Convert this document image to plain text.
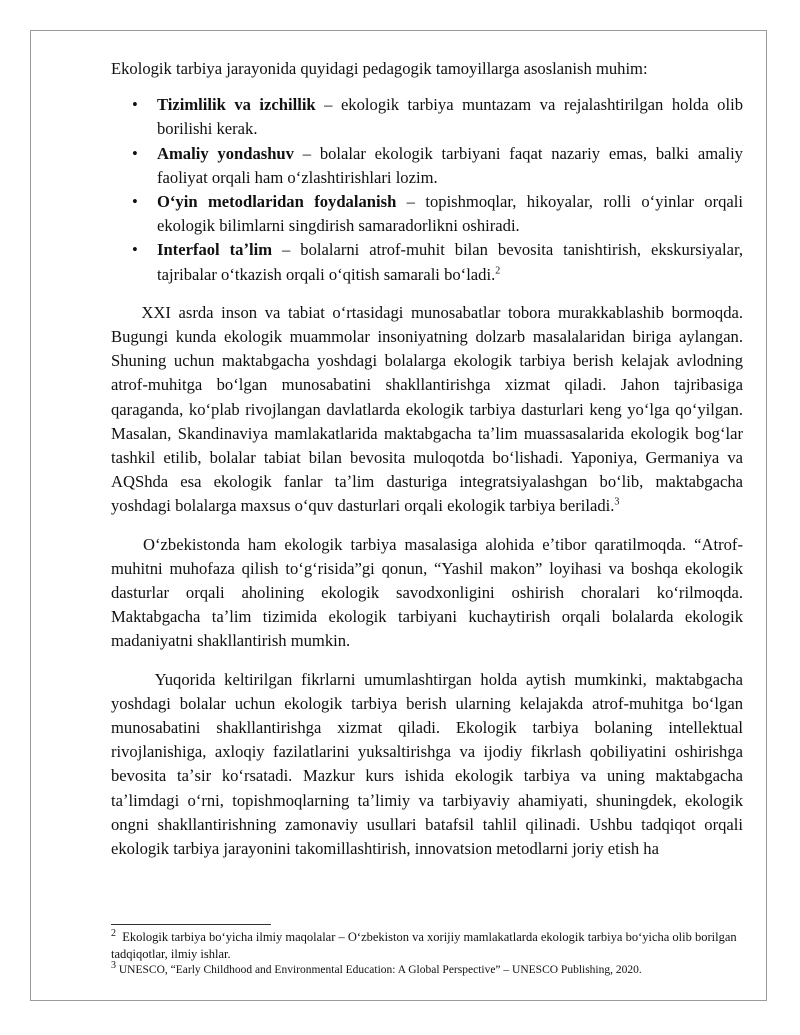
Ekologik tarbiya jarayonida quyidagi pedagogik tamoyillarga asoslanish muhim:

• Tizimlilik va izchillik – ekologik tarbiya muntazam va rejalashtirilgan holda olib borilishi kerak.
• Amaliy yondashuv – bolalar ekologik tarbiyani faqat nazariy emas, balki amaliy faoliyat orqali ham oʻzlashtirishlari lozim.
• Oʻyin metodlaridan foydalanish – topishmoqlar, hikoyalar, rolli oʻyinlar orqali ekologik bilimlarni singdirish samaradorlikni oshiradi.
• Interfaol taʼlim – bolalarni atrof-muhit bilan bevosita tanishtirish, ekskursiyalar, tajribalar oʻtkazish orqali oʻqitish samarali boʻladi.$^2$

XXI asrda inson va tabiat oʻrtasidagi munosabatlar tobora murakkablashib bormoqda. Bugungi kunda ekologik muammolar insoniyatning dolzarb masalalaridan biriga aylangan. Shuning uchun maktabgacha yoshdagi bolalarga ekologik tarbiya berish kelajak avlodning atrof-muhitga boʻlgan munosabatini shakllantirishga xizmat qiladi. Jahon tajribasiga qaraganda, koʻplab rivojlangan davlatlarda ekologik tarbiya dasturlari keng yoʻlga qoʻyilgan. Masalan, Skandinaviya mamlakatlarida maktabgacha taʼlim muassasalarida ekologik bogʻlar tashkil etilib, bolalar tabiat bilan bevosita muloqotda boʻlishadi. Yaponiya, Germaniya va AQShda esa ekologik fanlar taʼlim dasturiga integratsiyalashgan boʻlib, maktabgacha yoshdagi bolalarga maxsus oʻquv dasturlari orqali ekologik tarbiya beriladi.$^3$

Oʻzbekistonda ham ekologik tarbiya masalasiga alohida eʼtibor qaratilmoqda. “Atrof-muhitni muhofaza qilish toʻgʻrisida”gi qonun, “Yashil makon” loyihasi va boshqa ekologik dasturlar orqali aholining ekologik savodxonligini oshirish choralari koʻrilmoqda. Maktabgacha taʼlim tizimida ekologik tarbiyani kuchaytirish orqali bolalarda ekologik madaniyatni shakllantirish mumkin.

Yuqorida keltirilgan fikrlarni umumlashtirgan holda aytish mumkinki, maktabgacha yoshdagi bolalar uchun ekologik tarbiya berish ularning kelajakda atrof-muhitga boʻlgan munosabatini shakllantirishga xizmat qiladi. Ekologik tarbiya bolaning intellektual rivojlanishiga, axloqiy fazilatlarini yuksaltirishga va ijodiy fikrlash qobiliyatini oshirishga bevosita taʼsir koʻrsatadi. Mazkur kurs ishida ekologik tarbiya va uning maktabgacha taʼlimdagi oʻrni, topishmoqlarning taʼlimiy va tarbiyaviy ahamiyati, shuningdek, ekologik ongni shakllantirishning zamonaviy usullari batafsil tahlil qilinadi. Ushbu tadqiqot orqali ekologik tarbiya jarayonini takomillashtirish, innovatsion metodlarni joriy etish ha

$^2$  Ekologik tarbiya boʻyicha ilmiy maqolalar – Oʻzbekiston va xorijiy mamlakatlarda ekologik tarbiya boʻyicha olib borilgan tadqiqotlar, ilmiy ishlar.

$^3$ UNESCO, “Early Childhood and Environmental Education: A Global Perspective” – UNESCO Publishing, 2020.
